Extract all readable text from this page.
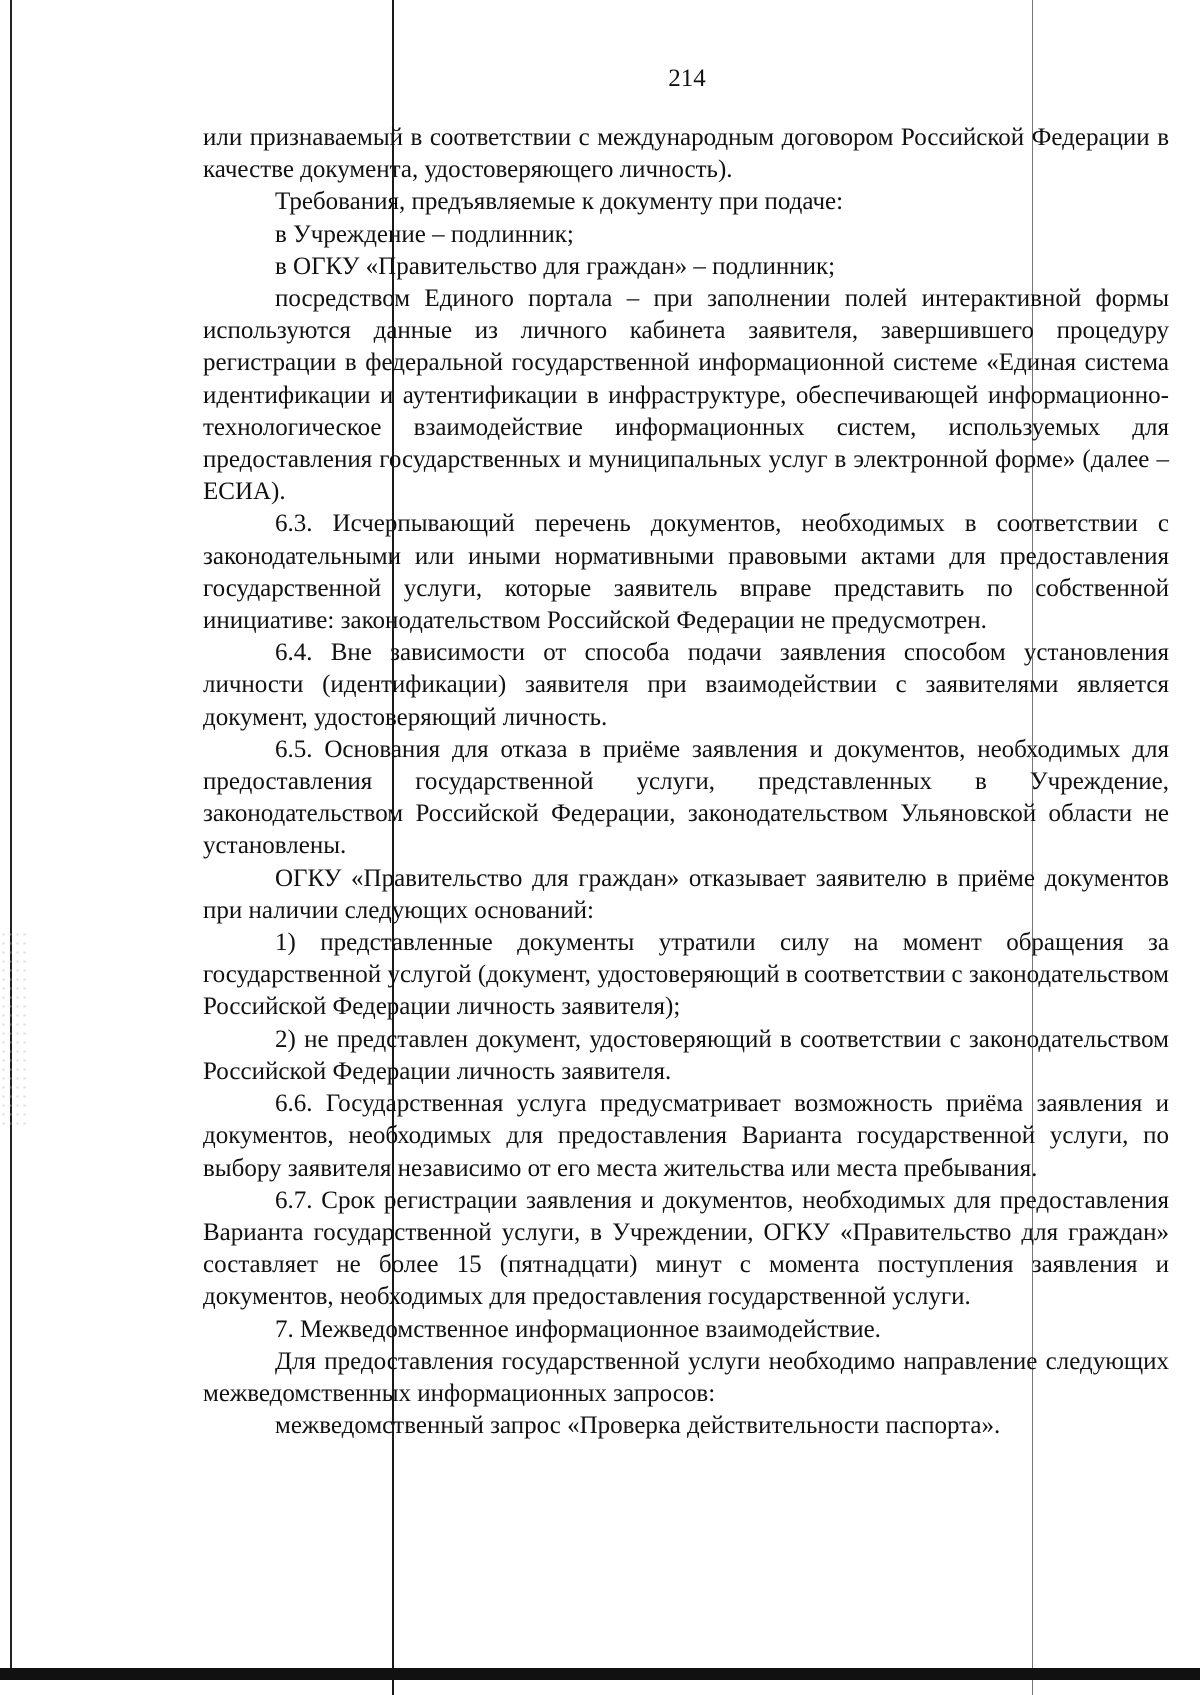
214

или признаваемый в соответствии с международным договором Российской Федерации в качестве документа, удостоверяющего личность).

Требования, предъявляемые к документу при подаче:

в Учреждение – подлинник;

в ОГКУ «Правительство для граждан» – подлинник;

посредством Единого портала – при заполнении полей интерактивной формы используются данные из личного кабинета заявителя, завершившего процедуру регистрации в федеральной государственной информационной системе «Единая система идентификации и аутентификации в инфраструктуре, обеспечивающей информационно-технологическое взаимодействие информационных систем, используемых для предоставления государственных и муниципальных услуг в электронной форме» (далее – ЕСИА).

6.3. Исчерпывающий перечень документов, необходимых в соответствии с законодательными или иными нормативными правовыми актами для предоставления государственной услуги, которые заявитель вправе представить по собственной инициативе: законодательством Российской Федерации не предусмотрен.

6.4. Вне зависимости от способа подачи заявления способом установления личности (идентификации) заявителя при взаимодействии с заявителями является документ, удостоверяющий личность.

6.5. Основания для отказа в приёме заявления и документов, необходимых для предоставления государственной услуги, представленных в Учреждение, законодательством Российской Федерации, законодательством Ульяновской области не установлены.

ОГКУ «Правительство для граждан» отказывает заявителю в приёме документов при наличии следующих оснований:

1) представленные документы утратили силу на момент обращения за государственной услугой (документ, удостоверяющий в соответствии с законодательством Российской Федерации личность заявителя);

2) не представлен документ, удостоверяющий в соответствии с законодательством Российской Федерации личность заявителя.

6.6. Государственная услуга предусматривает возможность приёма заявления и документов, необходимых для предоставления Варианта государственной услуги, по выбору заявителя независимо от его места жительства или места пребывания.

6.7. Срок регистрации заявления и документов, необходимых для предоставления Варианта государственной услуги, в Учреждении, ОГКУ «Правительство для граждан» составляет не более 15 (пятнадцати) минут с момента поступления заявления и документов, необходимых для предоставления государственной услуги.

7. Межведомственное информационное взаимодействие.

Для предоставления государственной услуги необходимо направление следующих межведомственных информационных запросов:

межведомственный запрос «Проверка действительности паспорта».
